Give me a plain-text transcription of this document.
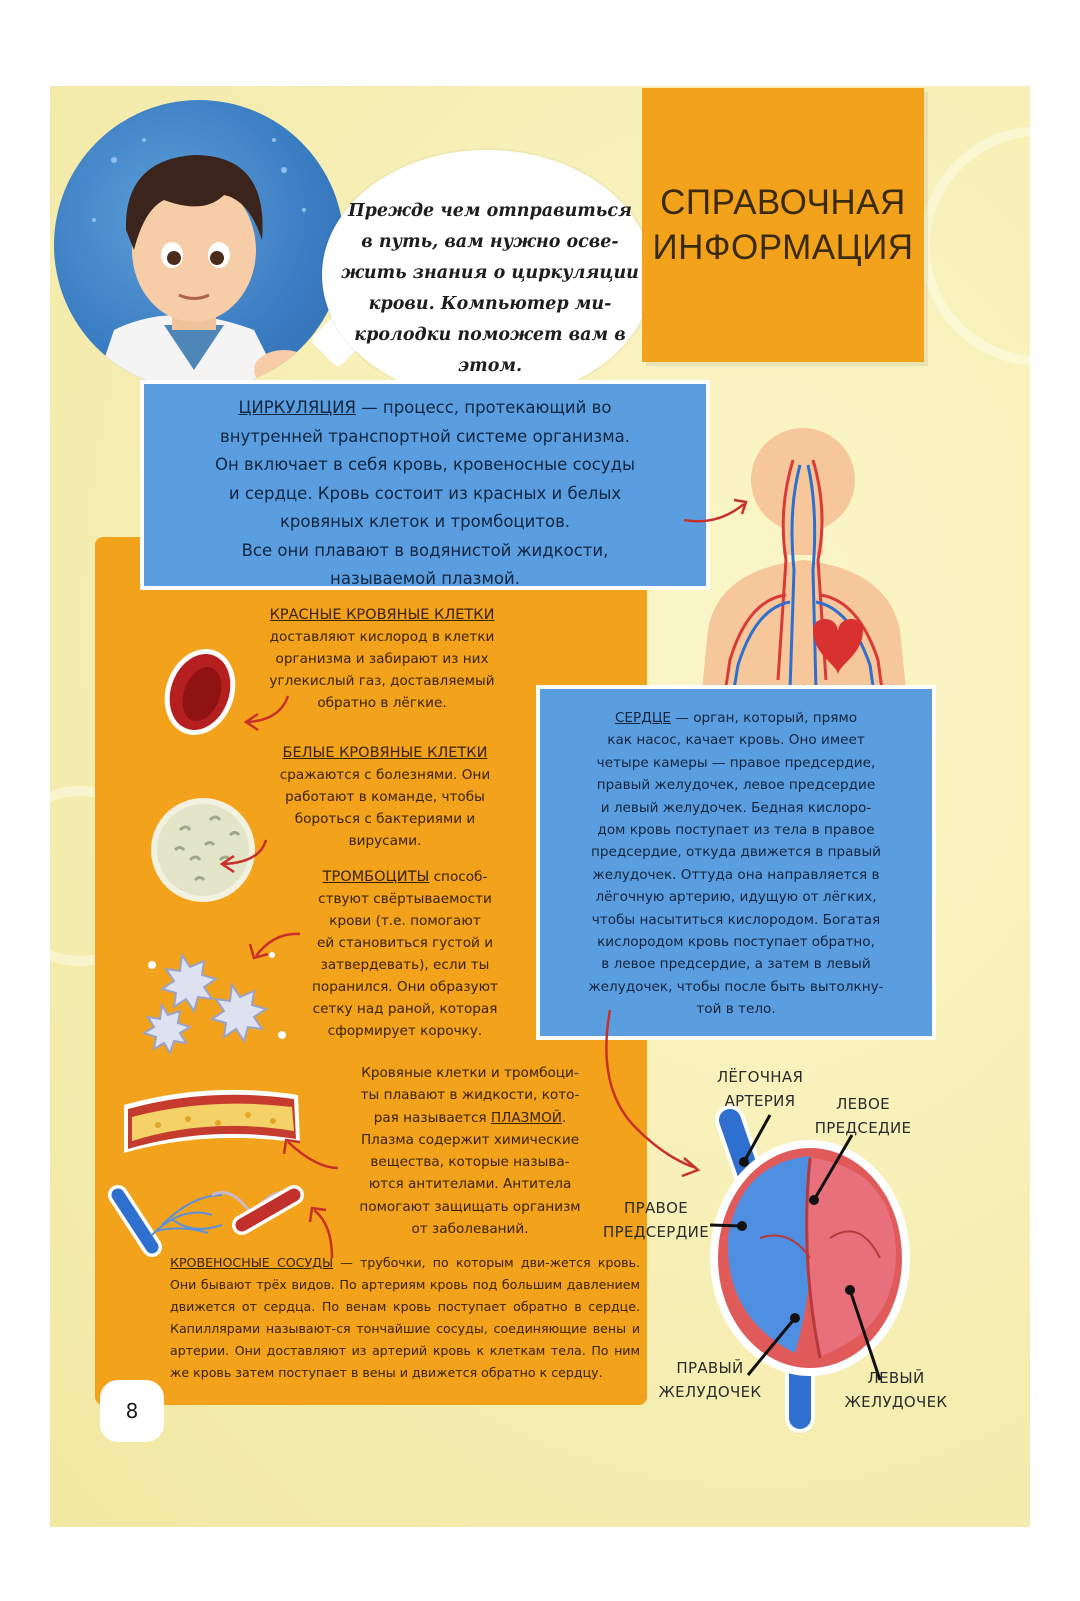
Прежде чем отправиться
в путь, вам нужно осве-
жить знания о циркуляции
крови. Компьютер ми-
кролодки поможет вам в
этом.
СПРАВОЧНАЯ
ИНФОРМАЦИЯ
ЦИРКУЛЯЦИЯ — процесс, протекающий во
внутренней транспортной системе организма.
Он включает в себя кровь, кровеносные сосуды
и сердце. Кровь состоит из красных и белых
кровяных клеток и тромбоцитов.
Все они плавают в водянистой жидкости,
называемой плазмой.
КРАСНЫЕ КРОВЯНЫЕ КЛЕТКИ
доставляют кислород в клетки
организма и забирают из них
углекислый газ, доставляемый
обратно в лёгкие.
БЕЛЫЕ КРОВЯНЫЕ КЛЕТКИ
сражаются с болезнями. Они
работают в команде, чтобы
бороться с бактериями и
вирусами.
ТРОМБОЦИТЫ способ-
ствуют свёртываемости
крови (т.е. помогают
ей становиться густой и
затвердевать), если ты
поранился. Они образуют
сетку над раной, которая
сформирует корочку.
Кровяные клетки и тромбоци-
ты плавают в жидкости, кото-
рая называется ПЛАЗМОЙ.
Плазма содержит химические
вещества, которые называ-
ются антителами. Антитела
помогают защищать организм
от заболеваний.
КРОВЕНОСНЫЕ СОСУДЫ — трубочки, по которым дви-жется кровь. Они бывают трёх видов. По артериям кровь под большим давлением движется от сердца. По венам кровь поступает обратно в сердце. Капиллярами называют-ся тончайшие сосуды, соединяющие вены и артерии. Они доставляют из артерий кровь к клеткам тела. По ним же кровь затем поступает в вены и движется обратно к сердцу.
СЕРДЦЕ — орган, который, прямо
как насос, качает кровь. Оно имеет
четыре камеры — правое предсердие,
правый желудочек, левое предсердие
и левый желудочек. Бедная кислоро-
дом кровь поступает из тела в правое
предсердие, откуда движется в правый
желудочек. Оттуда она направляется в
лёгочную артерию, идущую от лёгких,
чтобы насытиться кислородом. Богатая
кислородом кровь поступает обратно,
в левое предсердие, а затем в левый
желудочек, чтобы после быть вытолкну-
той в тело.
ЛЁГОЧНАЯ
АРТЕРИЯ	ЛЕВОЕ
ПРЕДСЕДИЕ
ПРАВОЕ
ПРЕДСЕРДИЕ
ПРАВЫЙ
ЖЕЛУДОЧЕК
ЛЕВЫЙ
ЖЕЛУДОЧЕК
8
